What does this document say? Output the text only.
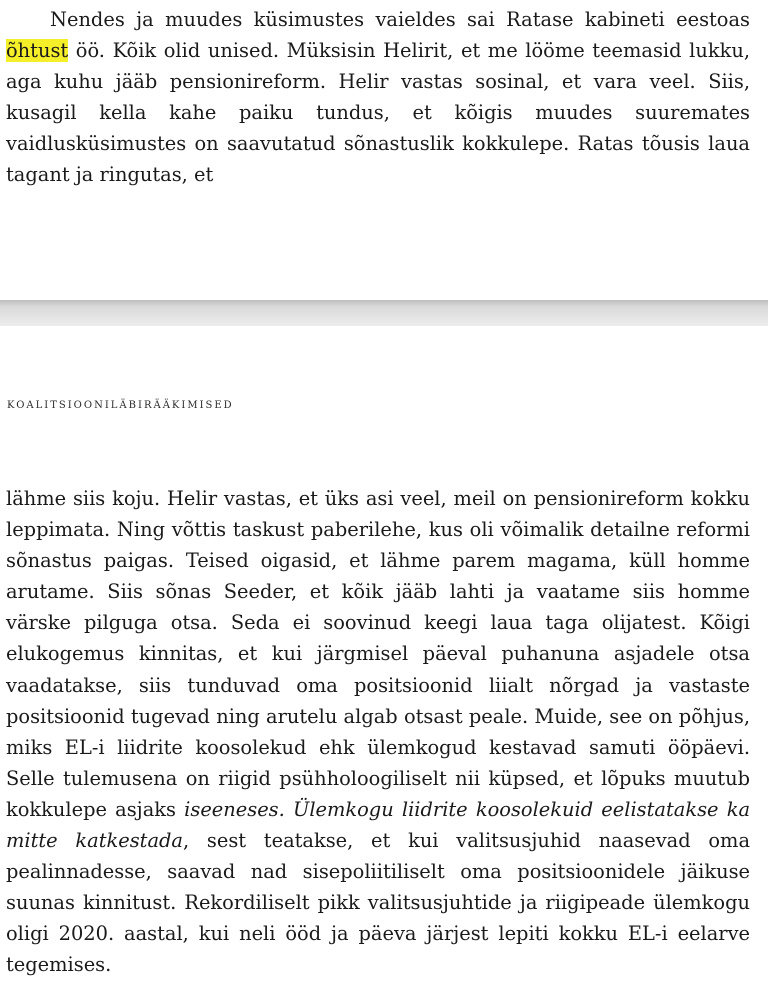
Nendes ja muudes küsimustes vaieldes sai Ratase kabineti eestoas õhtust öö. Kõik olid unised. Müksisin Helirit, et me lööme teemasid lukku, aga kuhu jääb pensionireform. Helir vastas sosinal, et vara veel. Siis, kusagil kella kahe paiku tundus, et kõigis muudes suuremates vaidlusküsimustes on saavutatud sõnastuslik kokkulepe. Ratas tõusis laua tagant ja ringutas, et

koalitsiooniläbirääkimised

lähme siis koju. Helir vastas, et üks asi veel, meil on pensionireform kokku leppimata. Ning võttis taskust paberilehe, kus oli võimalik detailne reformi sõnastus paigas. Teised oigasid, et lähme parem magama, küll homme arutame. Siis sõnas Seeder, et kõik jääb lahti ja vaatame siis homme värske pilguga otsa. Seda ei soovinud keegi laua taga olijatest. Kõigi elukogemus kinnitas, et kui järgmisel päeval puhanuna asjadele otsa vaadatakse, siis tunduvad oma positsioonid liialt nõrgad ja vastaste positsioonid tugevad ning arutelu algab otsast peale. Muide, see on põhjus, miks EL-i liidrite koosolekud ehk ülemkogud kestavad samuti ööpäevi. Selle tulemusena on riigid psühholoogiliselt nii küpsed, et lõpuks muutub kokkulepe asjaks iseeneses. Ülemkogu liidrite koosolekuid eelistatakse ka mitte katkestada, sest teatakse, et kui valitsusjuhid naasevad oma pealinnadesse, saavad nad sisepoliitiliselt oma positsioonidele jäikuse suunas kinnitust. Rekordiliselt pikk valitsusjuhtide ja riigipeade ülemkogu oligi 2020. aastal, kui neli ööd ja päeva järjest lepiti kokku EL-i eelarve tegemises.
